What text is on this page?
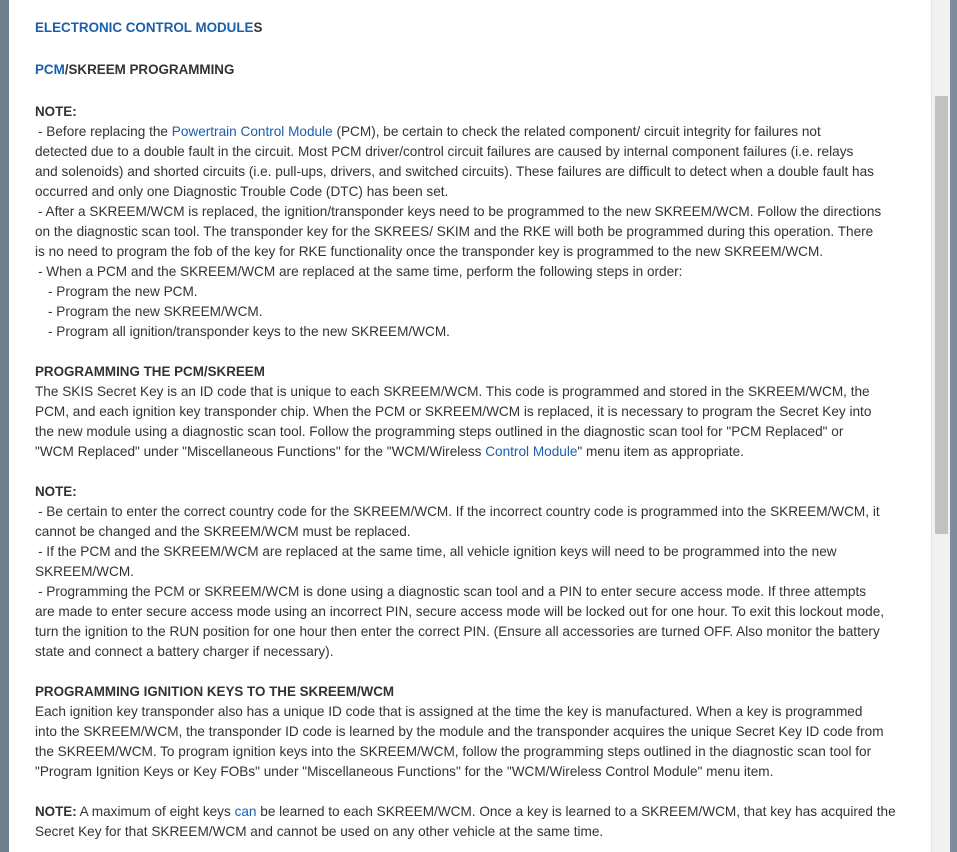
ELECTRONIC CONTROL MODULES
PCM/SKREEM PROGRAMMING
NOTE:
- Before replacing the Powertrain Control Module (PCM), be certain to check the related component/ circuit integrity for failures not
detected due to a double fault in the circuit. Most PCM driver/control circuit failures are caused by internal component failures (i.e. relays
and solenoids) and shorted circuits (i.e. pull-ups, drivers, and switched circuits). These failures are difficult to detect when a double fault has
occurred and only one Diagnostic Trouble Code (DTC) has been set.
- After a SKREEM/WCM is replaced, the ignition/transponder keys need to be programmed to the new SKREEM/WCM. Follow the directions
on the diagnostic scan tool. The transponder key for the SKREES/ SKIM and the RKE will both be programmed during this operation. There
is no need to program the fob of the key for RKE functionality once the transponder key is programmed to the new SKREEM/WCM.
- When a PCM and the SKREEM/WCM are replaced at the same time, perform the following steps in order:
- Program the new PCM.
- Program the new SKREEM/WCM.
- Program all ignition/transponder keys to the new SKREEM/WCM.
PROGRAMMING THE PCM/SKREEM
The SKIS Secret Key is an ID code that is unique to each SKREEM/WCM. This code is programmed and stored in the SKREEM/WCM, the
PCM, and each ignition key transponder chip. When the PCM or SKREEM/WCM is replaced, it is necessary to program the Secret Key into
the new module using a diagnostic scan tool. Follow the programming steps outlined in the diagnostic scan tool for "PCM Replaced" or
"WCM Replaced" under "Miscellaneous Functions" for the "WCM/Wireless Control Module" menu item as appropriate.
NOTE:
- Be certain to enter the correct country code for the SKREEM/WCM. If the incorrect country code is programmed into the SKREEM/WCM, it
cannot be changed and the SKREEM/WCM must be replaced.
- If the PCM and the SKREEM/WCM are replaced at the same time, all vehicle ignition keys will need to be programmed into the new
SKREEM/WCM.
- Programming the PCM or SKREEM/WCM is done using a diagnostic scan tool and a PIN to enter secure access mode. If three attempts
are made to enter secure access mode using an incorrect PIN, secure access mode will be locked out for one hour. To exit this lockout mode,
turn the ignition to the RUN position for one hour then enter the correct PIN. (Ensure all accessories are turned OFF. Also monitor the battery
state and connect a battery charger if necessary).
PROGRAMMING IGNITION KEYS TO THE SKREEM/WCM
Each ignition key transponder also has a unique ID code that is assigned at the time the key is manufactured. When a key is programmed
into the SKREEM/WCM, the transponder ID code is learned by the module and the transponder acquires the unique Secret Key ID code from
the SKREEM/WCM. To program ignition keys into the SKREEM/WCM, follow the programming steps outlined in the diagnostic scan tool for
"Program Ignition Keys or Key FOBs" under "Miscellaneous Functions" for the "WCM/Wireless Control Module" menu item.
NOTE: A maximum of eight keys can be learned to each SKREEM/WCM. Once a key is learned to a SKREEM/WCM, that key has acquired the
Secret Key for that SKREEM/WCM and cannot be used on any other vehicle at the same time.
